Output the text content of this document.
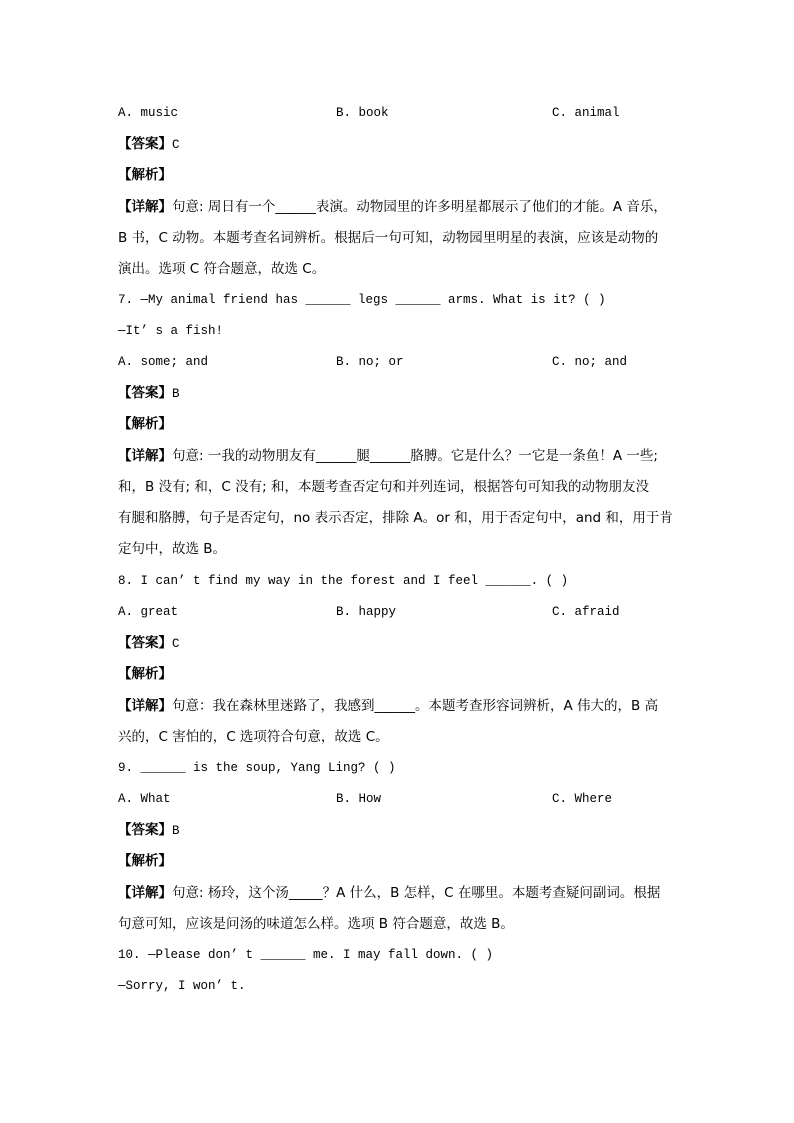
A. music	B. book	C. animal
【答案】C
【解析】
【详解】句意: 周日有一个______表演。动物园里的许多明星都展示了他们的才能。A 音乐，
B 书，C 动物。本题考查名词辨析。根据后一句可知，动物园里明星的表演，应该是动物的
演出。选项 C 符合题意，故选 C。
7. —My animal friend has ______ legs ______ arms. What is it? ( )
—It’ s a fish!
A. some; and	B. no; or	C. no; and
【答案】B
【解析】
【详解】句意: 一我的动物朋友有______腿______胳膊。它是什么？一它是一条鱼！A 一些;
和，B 没有; 和，C 没有; 和，本题考查否定句和并列连词，根据答句可知我的动物朋友没
有腿和胳膊，句子是否定句，no 表示否定，排除 A。or 和，用于否定句中，and 和，用于肯
定句中，故选 B。
8. I can’ t find my way in the forest and I feel ______. ( )
A. great	B. happy	C. afraid
【答案】C
【解析】
【详解】句意：我在森林里迷路了，我感到______。本题考查形容词辨析，A 伟大的，B 高
兴的，C 害怕的，C 选项符合句意，故选 C。
9. ______ is the soup, Yang Ling? ( )
A. What	B. How	C. Where
【答案】B
【解析】
【详解】句意: 杨玲，这个汤_____？A 什么，B 怎样，C 在哪里。本题考查疑问副词。根据
句意可知，应该是问汤的味道怎么样。选项 B 符合题意，故选 B。
10. —Please don’ t ______ me. I may fall down. ( )
—Sorry, I won’ t.
